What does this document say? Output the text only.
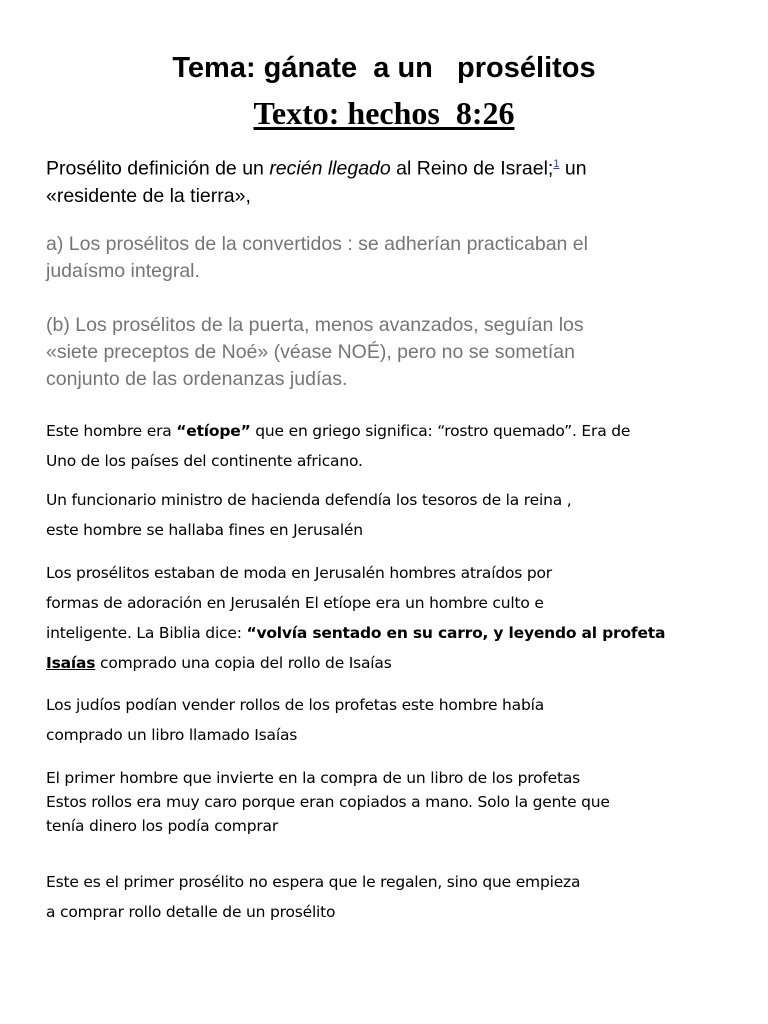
Tema: gánate  a un   prosélitos
Texto: hechos  8:26
Prosélito definición de un recién llegado al Reino de Israel;$^1$ un
«residente de la tierra»,
a) Los prosélitos de la convertidos : se adherían practicaban el
judaísmo integral.
(b) Los prosélitos de la puerta, menos avanzados, seguían los
«siete preceptos de Noé» (véase NOÉ), pero no se sometían
conjunto de las ordenanzas judías.
Este hombre era “etíope” que en griego significa: “rostro quemado”. Era de
Uno de los países del continente africano.
Un funcionario ministro de hacienda defendía los tesoros de la reina ,
este hombre se hallaba fines en Jerusalén
Los prosélitos estaban de moda en Jerusalén hombres atraídos por
formas de adoración en Jerusalén El etíope era un hombre culto e
inteligente. La Biblia dice: “volvía sentado en su carro, y leyendo al profeta
Isaías comprado una copia del rollo de Isaías
Los judíos podían vender rollos de los profetas este hombre había
comprado un libro llamado Isaías
El primer hombre que invierte en la compra de un libro de los profetas
Estos rollos era muy caro porque eran copiados a mano. Solo la gente que
tenía dinero los podía comprar
Este es el primer prosélito no espera que le regalen, sino que empieza
a comprar rollo detalle de un prosélito
